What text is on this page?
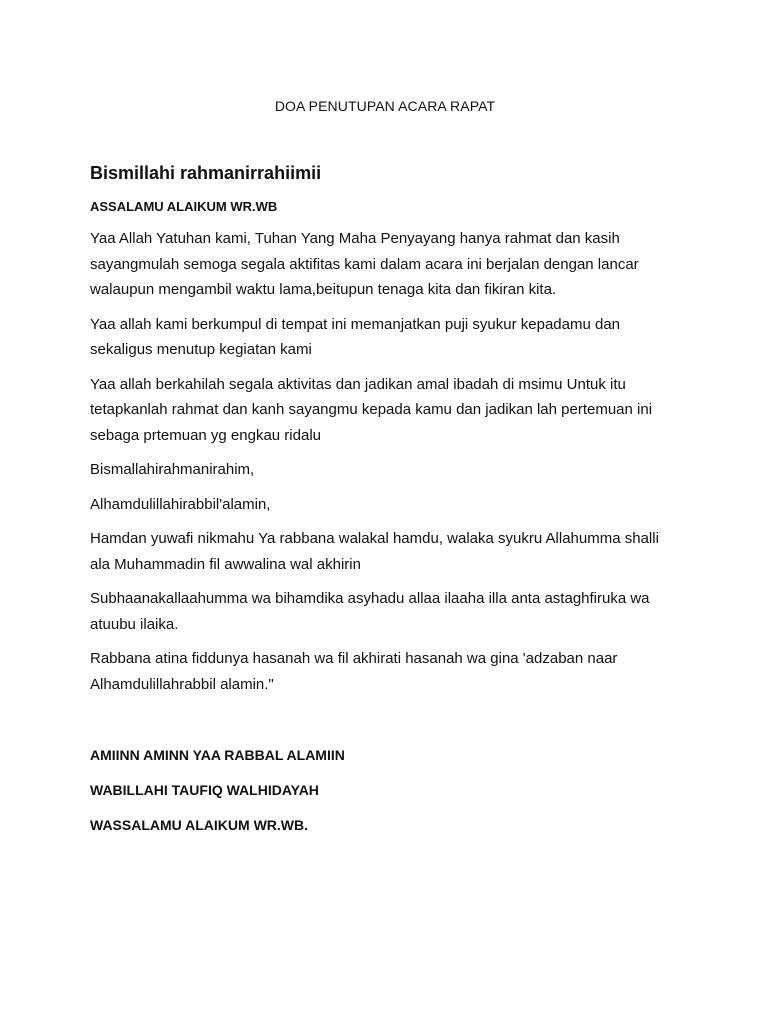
DOA PENUTUPAN ACARA RAPAT

Bismillahi rahmanirrahiimii

ASSALAMU ALAIKUM WR.WB

Yaa Allah Yatuhan kami, Tuhan Yang Maha Penyayang hanya rahmat dan kasih sayangmulah semoga segala aktifitas kami dalam acara ini berjalan dengan lancar walaupun mengambil waktu lama,beitupun tenaga kita dan fikiran kita.

Yaa allah kami berkumpul di tempat ini memanjatkan puji syukur kepadamu dan sekaligus menutup kegiatan kami

Yaa allah berkahilah segala aktivitas dan jadikan amal ibadah di msimu Untuk itu tetapkanlah rahmat dan kanh sayangmu kepada kamu dan jadikan lah pertemuan ini sebaga prtemuan yg engkau ridalu

Bismallahirahmanirahim,

Alhamdulillahirabbil'alamin,

Hamdan yuwafi nikmahu Ya rabbana walakal hamdu, walaka syukru Allahumma shalli ala Muhammadin fil awwalina wal akhirin

Subhaanakallaahumma wa bihamdika asyhadu allaa ilaaha illa anta astaghfiruka wa atuubu ilaika.

Rabbana atina fiddunya hasanah wa fil akhirati hasanah wa gina 'adzaban naar Alhamdulillahrabbil alamin."

AMIINN AMINN YAA RABBAL ALAMIIN

WABILLAHI TAUFIQ WALHIDAYAH

WASSALAMU ALAIKUM WR.WB.
